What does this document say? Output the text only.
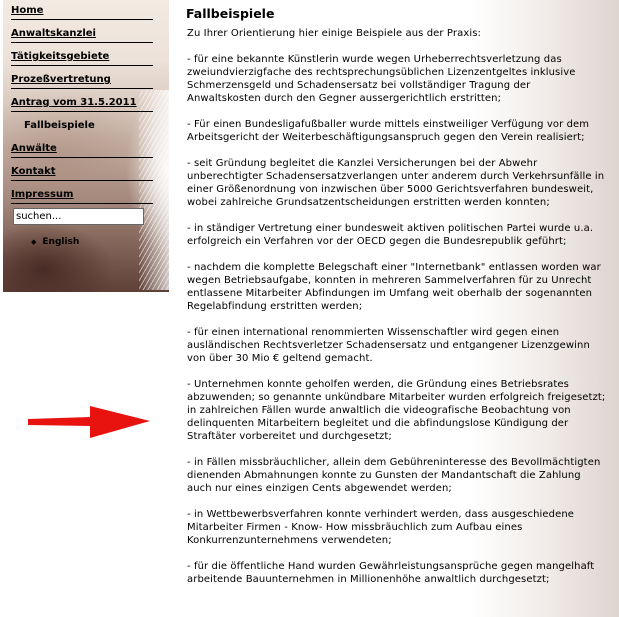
Home
Anwaltskanzlei
Tätigkeitsgebiete
Prozeßvertretung
Antrag vom 31.5.2011
Fallbeispiele
Anwälte
Kontakt
Impressum
suchen...
◆ English
Fallbeispiele

Zu Ihrer Orientierung hier einige Beispiele aus der Praxis:

- für eine bekannte Künstlerin wurde wegen Urheberrechtsverletzung das zweiundvierzigfache des rechtsprechungsüblichen Lizenzentgeltes inklusive Schmerzensgeld und Schadensersatz bei vollständiger Tragung der Anwaltskosten durch den Gegner aussergerichtlich erstritten;

- Für einen Bundesligafußballer wurde mittels einstweiliger Verfügung vor dem Arbeitsgericht der Weiterbeschäftigungsanspruch gegen den Verein realisiert;

- seit Gründung begleitet die Kanzlei Versicherungen bei der Abwehr unberechtigter Schadensersatzverlangen unter anderem durch Verkehrsunfälle in einer Größenordnung von inzwischen über 5000 Gerichtsverfahren bundesweit, wobei zahlreiche Grundsatzentscheidungen erstritten werden konnten;

- in ständiger Vertretung einer bundesweit aktiven politischen Partei wurde u.a. erfolgreich ein Verfahren vor der OECD gegen die Bundesrepublik geführt;

- nachdem die komplette Belegschaft einer "Internetbank" entlassen worden war wegen Betriebsaufgabe, konnten in mehreren Sammelverfahren für zu Unrecht entlassene Mitarbeiter Abfindungen im Umfang weit oberhalb der sogenannten Regelabfindung erstritten werden;

- für einen international renommierten Wissenschaftler wird gegen einen ausländischen Rechtsverletzer Schadensersatz und entgangener Lizenzgewinn von über 30 Mio € geltend gemacht.

- Unternehmen konnte geholfen werden, die Gründung eines Betriebsrates abzuwenden; so genannte unkündbare Mitarbeiter wurden erfolgreich freigesetzt; in zahlreichen Fällen wurde anwaltlich die videografische Beobachtung von delinquenten Mitarbeitern begleitet und die abfindungslose Kündigung der Straftäter vorbereitet und durchgesetzt;

- in Fällen missbräuchlicher, allein dem Gebühreninteresse des Bevollmächtigten dienenden Abmahnungen konnte zu Gunsten der Mandantschaft die Zahlung auch nur eines einzigen Cents abgewendet werden;

- in Wettbewerbsverfahren konnte verhindert werden, dass ausgeschiedene Mitarbeiter Firmen - Know- How missbräuchlich zum Aufbau eines Konkurrenzunternehmens verwendeten;

- für die öffentliche Hand wurden Gewährleistungsansprüche gegen mangelhaft arbeitende Bauunternehmen in Millionenhöhe anwaltlich durchgesetzt;
